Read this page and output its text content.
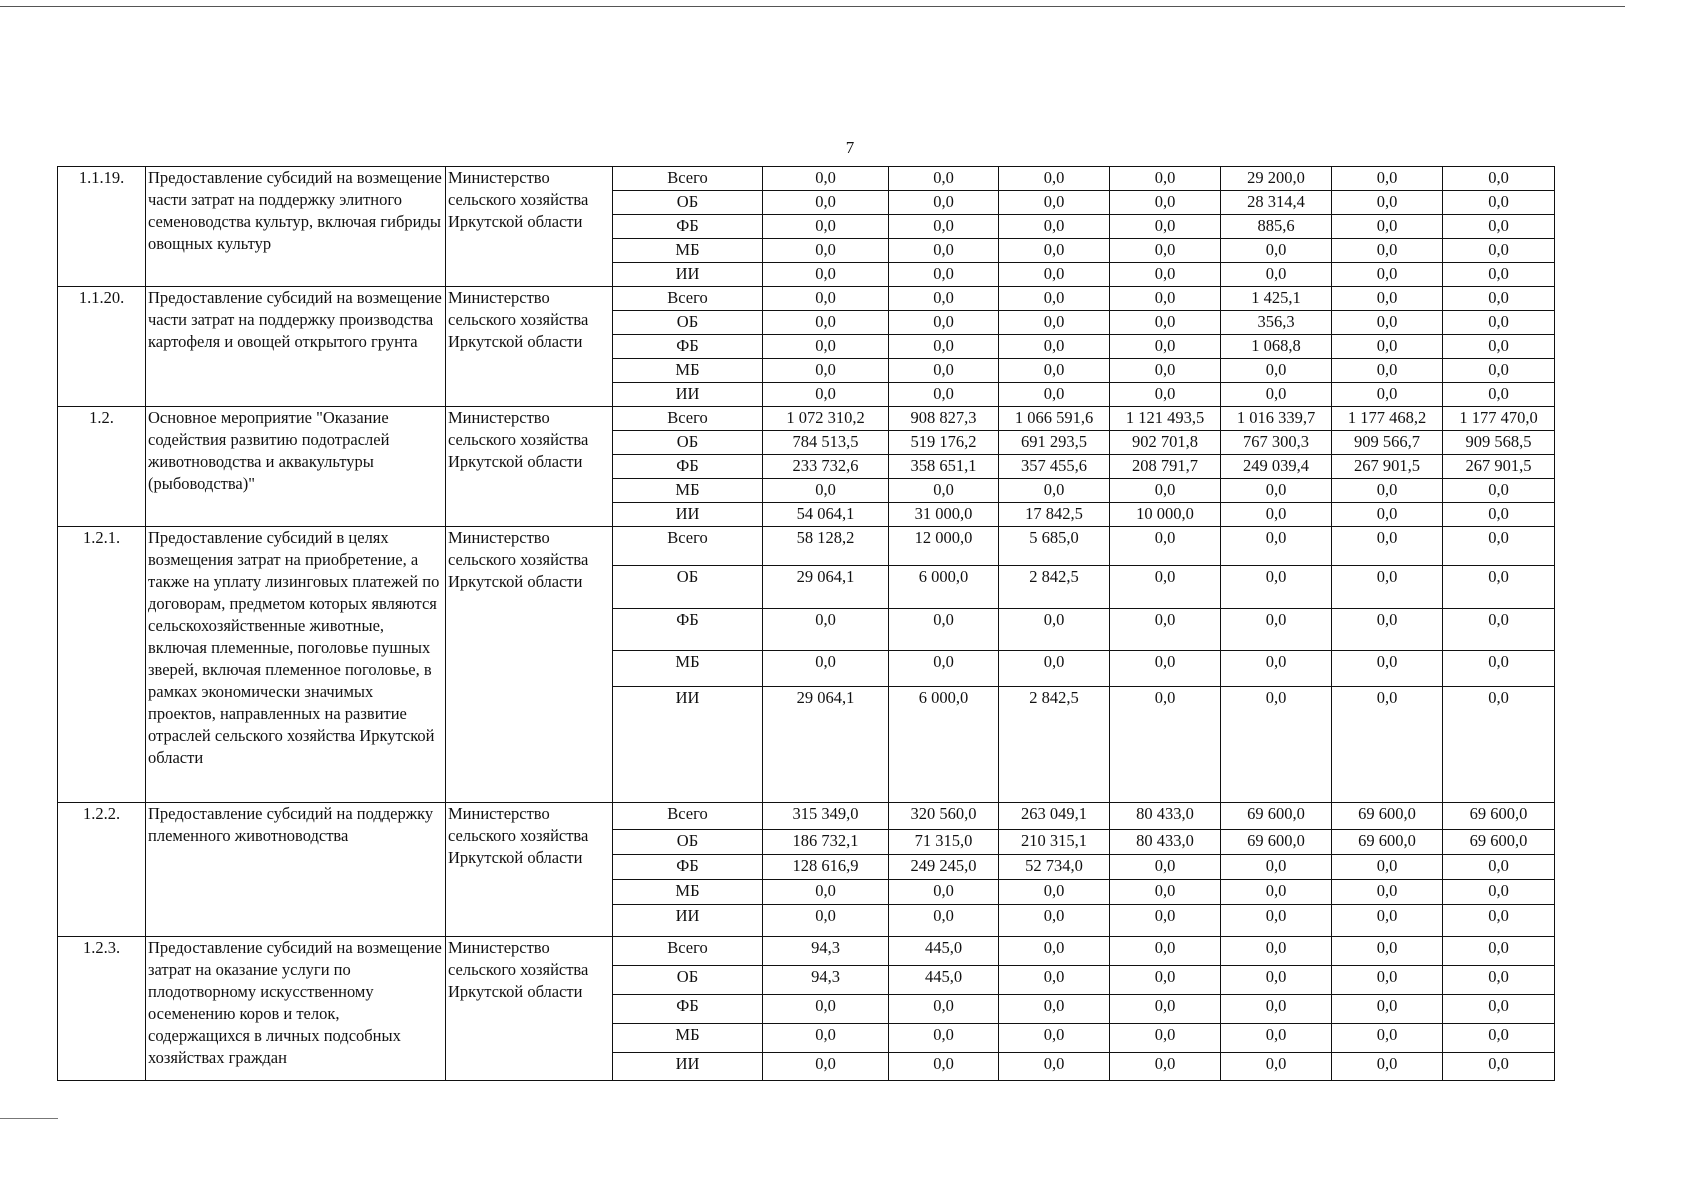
7
1.1.19.	Предоставление субсидий на возмещение части затрат на поддержку элитного семеноводства культур, включая гибриды овощных культур	Министерство сельского хозяйства Иркутской области	Всего	0,0	0,0	0,0	0,0	29 200,0	0,0	0,0
			ОБ	0,0	0,0	0,0	0,0	28 314,4	0,0	0,0
			ФБ	0,0	0,0	0,0	0,0	885,6	0,0	0,0
			МБ	0,0	0,0	0,0	0,0	0,0	0,0	0,0
			ИИ	0,0	0,0	0,0	0,0	0,0	0,0	0,0
1.1.20.	Предоставление субсидий на возмещение части затрат на поддержку производства картофеля и овощей открытого грунта	Министерство сельского хозяйства Иркутской области	Всего	0,0	0,0	0,0	0,0	1 425,1	0,0	0,0
			ОБ	0,0	0,0	0,0	0,0	356,3	0,0	0,0
			ФБ	0,0	0,0	0,0	0,0	1 068,8	0,0	0,0
			МБ	0,0	0,0	0,0	0,0	0,0	0,0	0,0
			ИИ	0,0	0,0	0,0	0,0	0,0	0,0	0,0
1.2.	Основное мероприятие "Оказание содействия развитию подотраслей животноводства и аквакультуры (рыбоводства)"	Министерство сельского хозяйства Иркутской области	Всего	1 072 310,2	908 827,3	1 066 591,6	1 121 493,5	1 016 339,7	1 177 468,2	1 177 470,0
			ОБ	784 513,5	519 176,2	691 293,5	902 701,8	767 300,3	909 566,7	909 568,5
			ФБ	233 732,6	358 651,1	357 455,6	208 791,7	249 039,4	267 901,5	267 901,5
			МБ	0,0	0,0	0,0	0,0	0,0	0,0	0,0
			ИИ	54 064,1	31 000,0	17 842,5	10 000,0	0,0	0,0	0,0
1.2.1.	Предоставление субсидий в целях возмещения затрат на приобретение, а также на уплату лизинговых платежей по договорам, предметом которых являются сельскохозяйственные животные, включая племенные, поголовье пушных зверей, включая племенное поголовье, в рамках экономически значимых проектов, направленных на развитие отраслей сельского хозяйства Иркутской области	Министерство сельского хозяйства Иркутской области	Всего	58 128,2	12 000,0	5 685,0	0,0	0,0	0,0	0,0
			ОБ	29 064,1	6 000,0	2 842,5	0,0	0,0	0,0	0,0
			ФБ	0,0	0,0	0,0	0,0	0,0	0,0	0,0
			МБ	0,0	0,0	0,0	0,0	0,0	0,0	0,0
			ИИ	29 064,1	6 000,0	2 842,5	0,0	0,0	0,0	0,0
1.2.2.	Предоставление субсидий на поддержку племенного животноводства	Министерство сельского хозяйства Иркутской области	Всего	315 349,0	320 560,0	263 049,1	80 433,0	69 600,0	69 600,0	69 600,0
			ОБ	186 732,1	71 315,0	210 315,1	80 433,0	69 600,0	69 600,0	69 600,0
			ФБ	128 616,9	249 245,0	52 734,0	0,0	0,0	0,0	0,0
			МБ	0,0	0,0	0,0	0,0	0,0	0,0	0,0
			ИИ	0,0	0,0	0,0	0,0	0,0	0,0	0,0
1.2.3.	Предоставление субсидий на возмещение затрат на оказание услуги по плодотворному искусственному осеменению коров и телок, содержащихся в личных подсобных хозяйствах граждан	Министерство сельского хозяйства Иркутской области	Всего	94,3	445,0	0,0	0,0	0,0	0,0	0,0
			ОБ	94,3	445,0	0,0	0,0	0,0	0,0	0,0
			ФБ	0,0	0,0	0,0	0,0	0,0	0,0	0,0
			МБ	0,0	0,0	0,0	0,0	0,0	0,0	0,0
			ИИ	0,0	0,0	0,0	0,0	0,0	0,0	0,0
